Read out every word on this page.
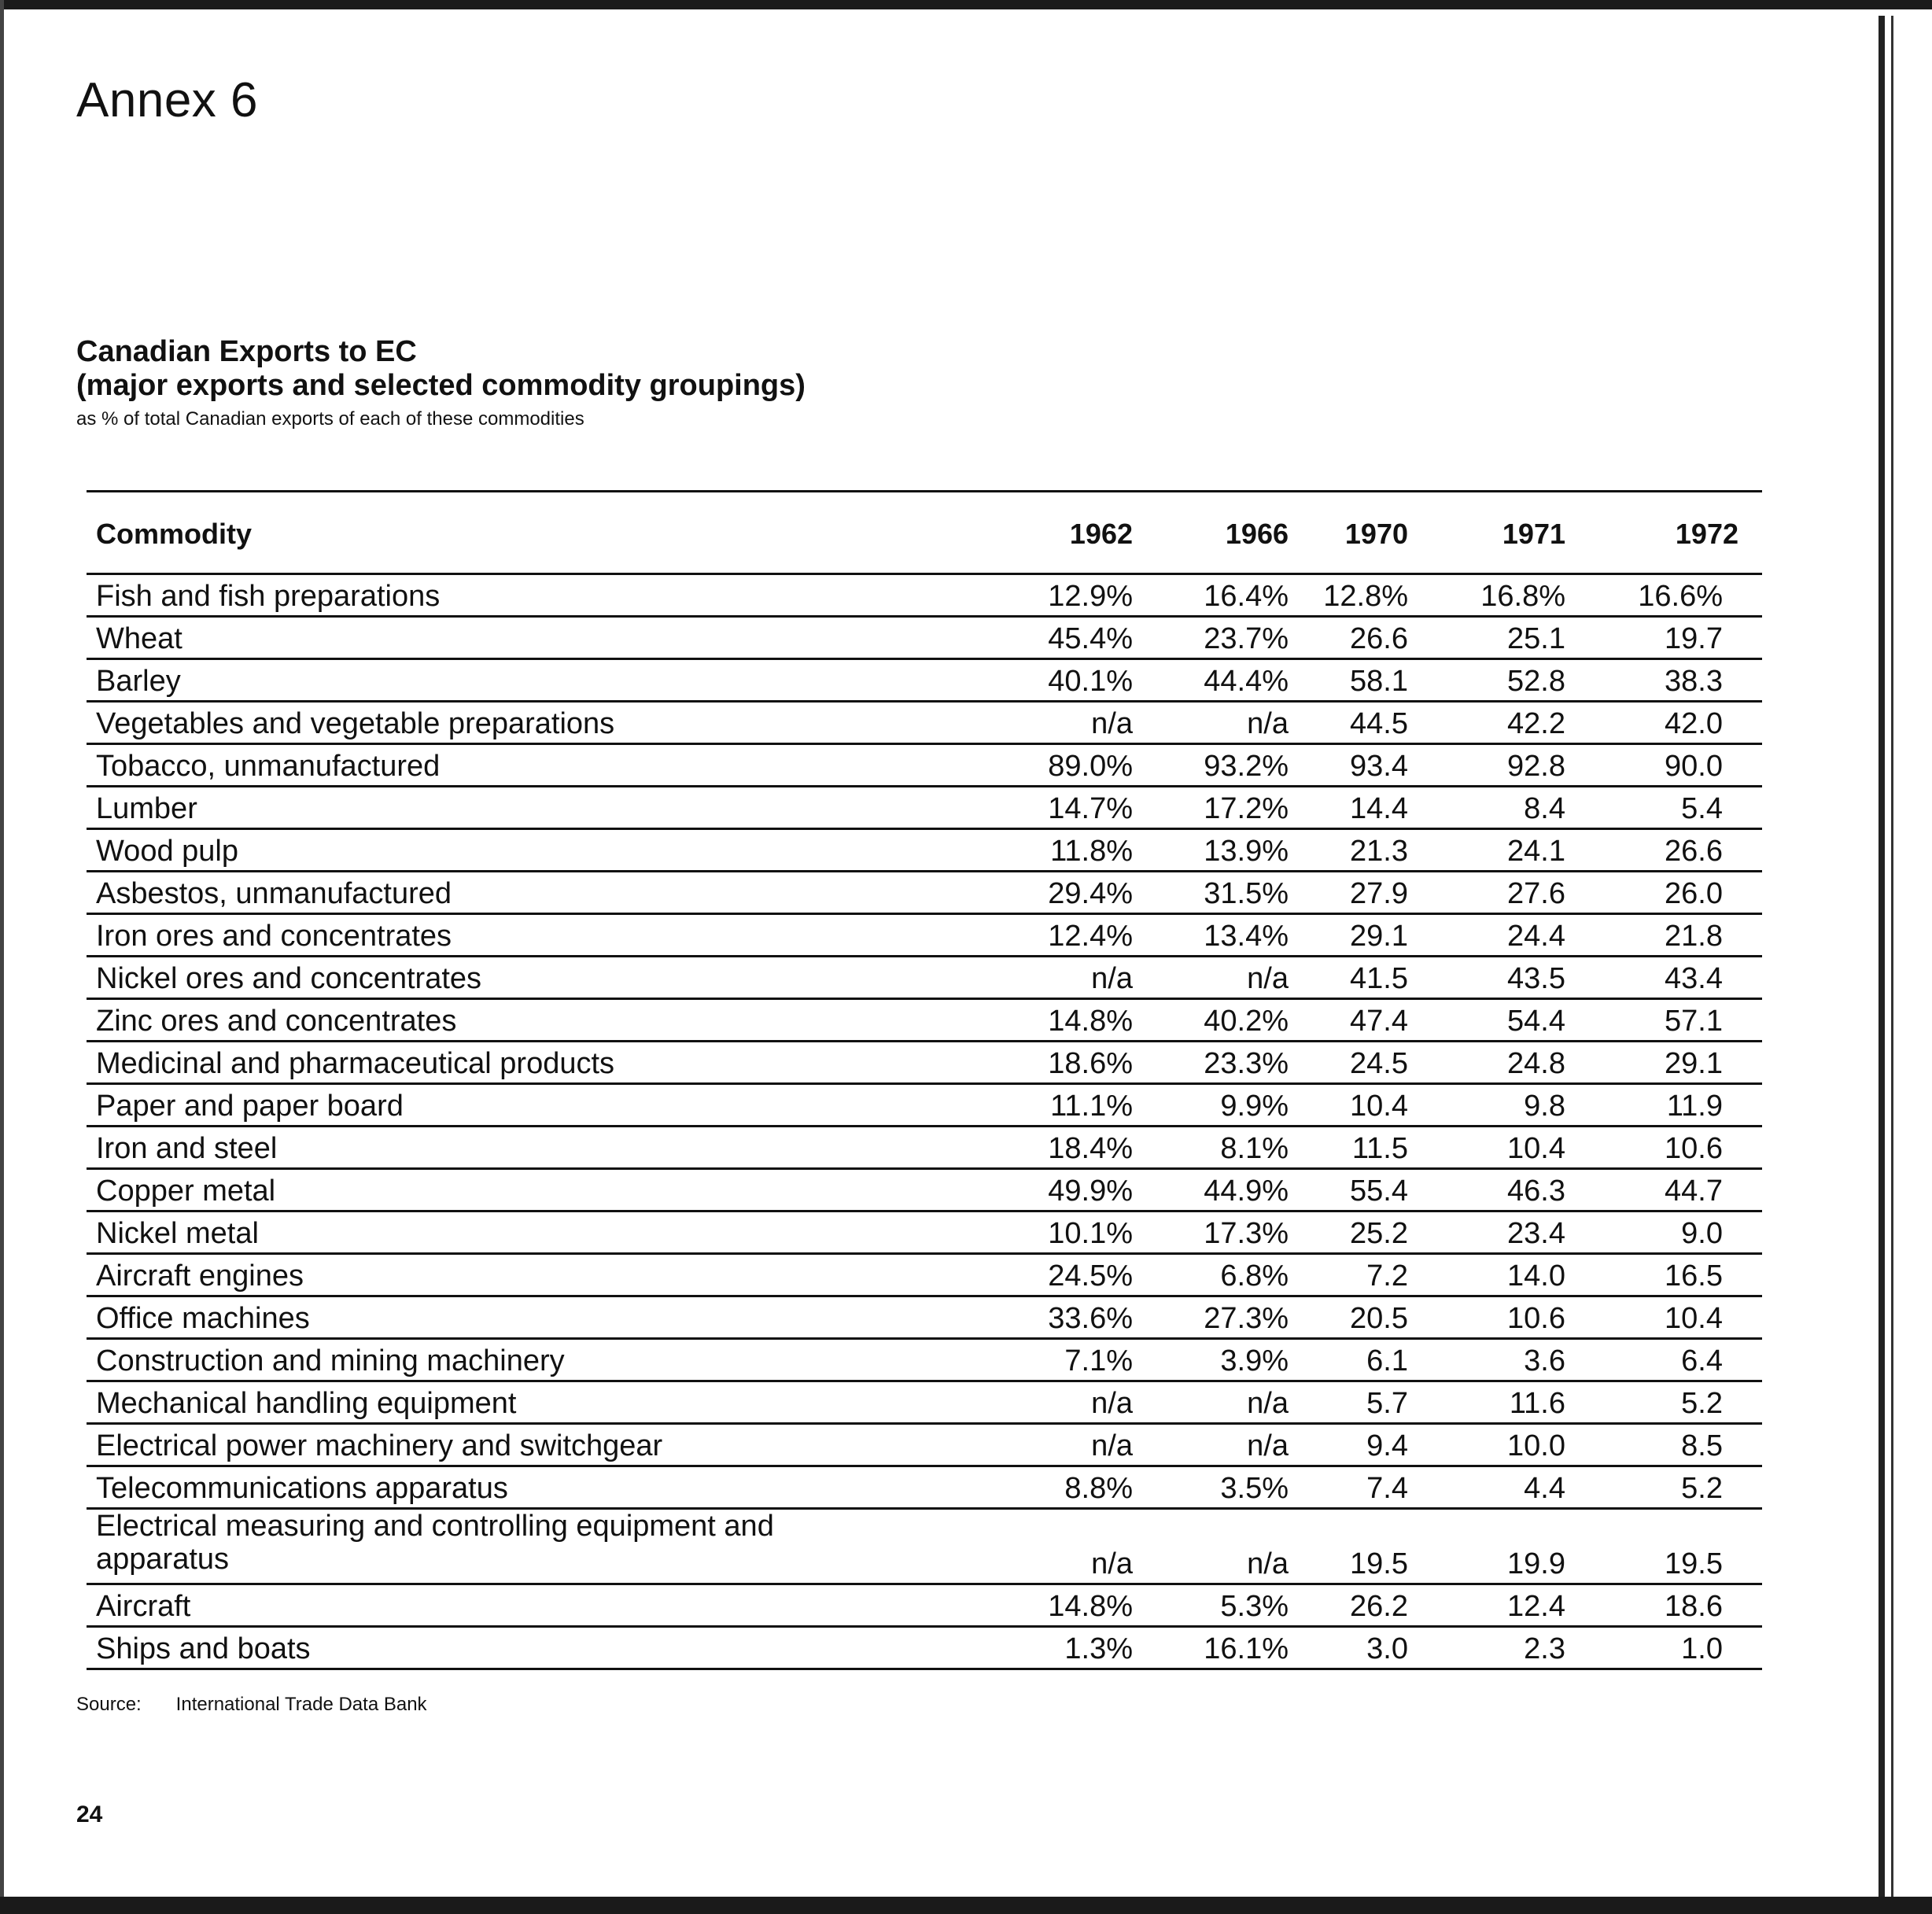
Annex 6
Canadian Exports to EC
(major exports and selected commodity groupings)
as % of total Canadian exports of each of these commodities
Commodity	1962	1966	1970	1971	1972
Fish and fish preparations	12.9%	16.4%	12.8%	16.8%	16.6%
Wheat	45.4%	23.7%	26.6	25.1	19.7
Barley	40.1%	44.4%	58.1	52.8	38.3
Vegetables and vegetable preparations	n/a	n/a	44.5	42.2	42.0
Tobacco, unmanufactured	89.0%	93.2%	93.4	92.8	90.0
Lumber	14.7%	17.2%	14.4	8.4	5.4
Wood pulp	11.8%	13.9%	21.3	24.1	26.6
Asbestos, unmanufactured	29.4%	31.5%	27.9	27.6	26.0
Iron ores and concentrates	12.4%	13.4%	29.1	24.4	21.8
Nickel ores and concentrates	n/a	n/a	41.5	43.5	43.4
Zinc ores and concentrates	14.8%	40.2%	47.4	54.4	57.1
Medicinal and pharmaceutical products	18.6%	23.3%	24.5	24.8	29.1
Paper and paper board	11.1%	9.9%	10.4	9.8	11.9
Iron and steel	18.4%	8.1%	11.5	10.4	10.6
Copper metal	49.9%	44.9%	55.4	46.3	44.7
Nickel metal	10.1%	17.3%	25.2	23.4	9.0
Aircraft engines	24.5%	6.8%	7.2	14.0	16.5
Office machines	33.6%	27.3%	20.5	10.6	10.4
Construction and mining machinery	7.1%	3.9%	6.1	3.6	6.4
Mechanical handling equipment	n/a	n/a	5.7	11.6	5.2
Electrical power machinery and switchgear	n/a	n/a	9.4	10.0	8.5
Telecommunications apparatus	8.8%	3.5%	7.4	4.4	5.2
Electrical measuring and controlling equipment and apparatus	n/a	n/a	19.5	19.9	19.5
Aircraft	14.8%	5.3%	26.2	12.4	18.6
Ships and boats	1.3%	16.1%	3.0	2.3	1.0
Source: International Trade Data Bank
24
